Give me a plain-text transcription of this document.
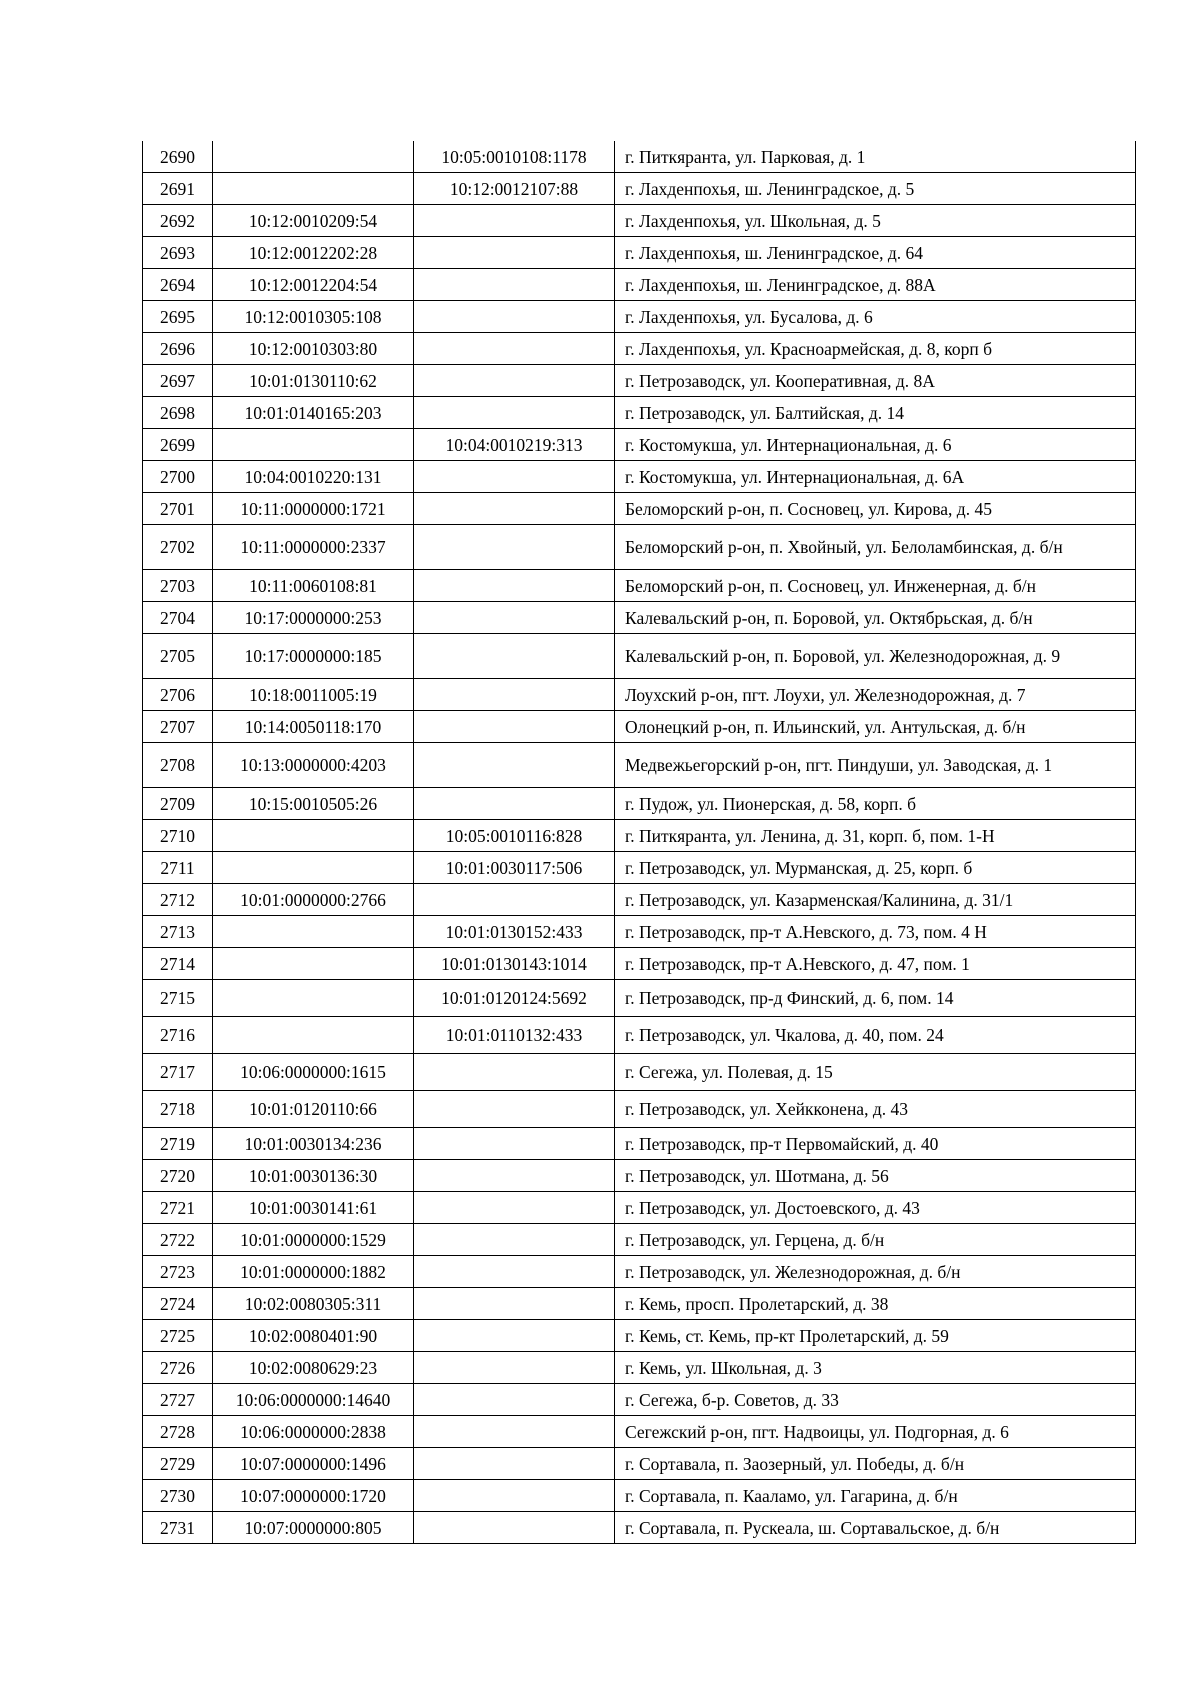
2690		10:05:0010108:1178	г. Питкяранта, ул. Парковая, д. 1
2691		10:12:0012107:88	г. Лахденпохья, ш. Ленинградское, д. 5
2692	10:12:0010209:54		г. Лахденпохья, ул. Школьная, д. 5
2693	10:12:0012202:28		г. Лахденпохья, ш. Ленинградское, д. 64
2694	10:12:0012204:54		г. Лахденпохья, ш. Ленинградское, д. 88А
2695	10:12:0010305:108		г. Лахденпохья, ул. Бусалова, д. 6
2696	10:12:0010303:80		г. Лахденпохья, ул. Красноармейская, д. 8, корп б
2697	10:01:0130110:62		г. Петрозаводск, ул. Кооперативная, д. 8А
2698	10:01:0140165:203		г. Петрозаводск, ул. Балтийская, д. 14
2699		10:04:0010219:313	г. Костомукша, ул. Интернациональная, д. 6
2700	10:04:0010220:131		г. Костомукша, ул. Интернациональная, д. 6А
2701	10:11:0000000:1721		Беломорский р-он, п. Сосновец, ул. Кирова, д. 45
2702	10:11:0000000:2337		Беломорский р-он, п. Хвойный, ул. Белоламбинская, д. б/н
2703	10:11:0060108:81		Беломорский р-он, п. Сосновец, ул. Инженерная, д. б/н
2704	10:17:0000000:253		Калевальский р-он, п. Боровой, ул. Октябрьская, д. б/н
2705	10:17:0000000:185		Калевальский р-он, п. Боровой, ул. Железнодорожная, д. 9
2706	10:18:0011005:19		Лоухский р-он, пгт. Лоухи, ул. Железнодорожная, д. 7
2707	10:14:0050118:170		Олонецкий р-он, п. Ильинский, ул. Антульская, д. б/н
2708	10:13:0000000:4203		Медвежьегорский р-он, пгт. Пиндуши, ул. Заводская, д. 1
2709	10:15:0010505:26		г. Пудож, ул. Пионерская, д. 58, корп. б
2710		10:05:0010116:828	г. Питкяранта, ул. Ленина, д. 31, корп. б, пом. 1-Н
2711		10:01:0030117:506	г. Петрозаводск, ул. Мурманская, д. 25, корп. б
2712	10:01:0000000:2766		г. Петрозаводск, ул. Казарменская/Калинина, д. 31/1
2713		10:01:0130152:433	г. Петрозаводск, пр-т А.Невского, д. 73, пом. 4 Н
2714		10:01:0130143:1014	г. Петрозаводск, пр-т А.Невского, д. 47, пом. 1
2715		10:01:0120124:5692	г. Петрозаводск, пр-д Финский, д. 6, пом. 14
2716		10:01:0110132:433	г. Петрозаводск, ул. Чкалова, д. 40, пом. 24
2717	10:06:0000000:1615		г. Сегежа, ул. Полевая, д. 15
2718	10:01:0120110:66		г. Петрозаводск, ул. Хейкконена, д. 43
2719	10:01:0030134:236		г. Петрозаводск, пр-т Первомайский, д. 40
2720	10:01:0030136:30		г. Петрозаводск, ул. Шотмана, д. 56
2721	10:01:0030141:61		г. Петрозаводск, ул. Достоевского, д. 43
2722	10:01:0000000:1529		г. Петрозаводск, ул. Герцена, д. б/н
2723	10:01:0000000:1882		г. Петрозаводск, ул. Железнодорожная, д. б/н
2724	10:02:0080305:311		г. Кемь, просп. Пролетарский, д. 38
2725	10:02:0080401:90		г. Кемь, ст. Кемь, пр-кт Пролетарский, д. 59
2726	10:02:0080629:23		г. Кемь, ул. Школьная, д. 3
2727	10:06:0000000:14640		г. Сегежа, б-р. Советов, д. 33
2728	10:06:0000000:2838		Сегежский р-он, пгт. Надвоицы, ул. Подгорная, д. 6
2729	10:07:0000000:1496		г. Сортавала, п. Заозерный, ул. Победы, д. б/н
2730	10:07:0000000:1720		г. Сортавала, п. Кааламо, ул. Гагарина, д. б/н
2731	10:07:0000000:805		г. Сортавала, п. Рускеала, ш. Сортавальское, д. б/н
